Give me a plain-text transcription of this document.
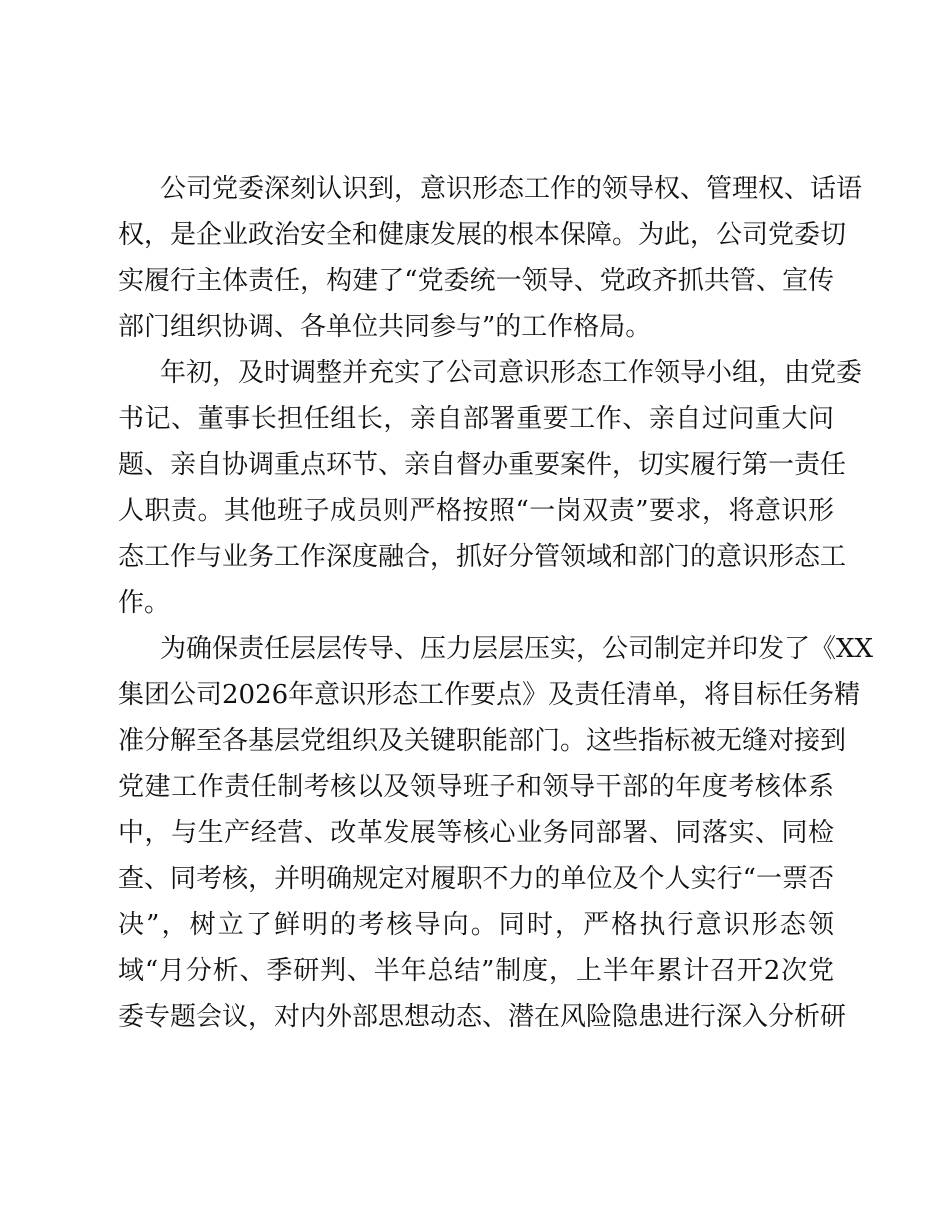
公司党委深刻认识到，意识形态工作的领导权、管理权、话语
权，是企业政治安全和健康发展的根本保障。为此，公司党委切
实履行主体责任，构建了“党委统一领导、党政齐抓共管、宣传
部门组织协调、各单位共同参与”的工作格局。
年初，及时调整并充实了公司意识形态工作领导小组，由党委
书记、董事长担任组长，亲自部署重要工作、亲自过问重大问
题、亲自协调重点环节、亲自督办重要案件，切实履行第一责任
人职责。其他班子成员则严格按照“一岗双责”要求，将意识形
态工作与业务工作深度融合，抓好分管领域和部门的意识形态工
作。
为确保责任层层传导、压力层层压实，公司制定并印发了《XX
集团公司2026年意识形态工作要点》及责任清单，将目标任务精
准分解至各基层党组织及关键职能部门。这些指标被无缝对接到
党建工作责任制考核以及领导班子和领导干部的年度考核体系
中，与生产经营、改革发展等核心业务同部署、同落实、同检
查、同考核，并明确规定对履职不力的单位及个人实行“一票否
决”，树立了鲜明的考核导向。同时，严格执行意识形态领
域“月分析、季研判、半年总结”制度，上半年累计召开2次党
委专题会议，对内外部思想动态、潜在风险隐患进行深入分析研
